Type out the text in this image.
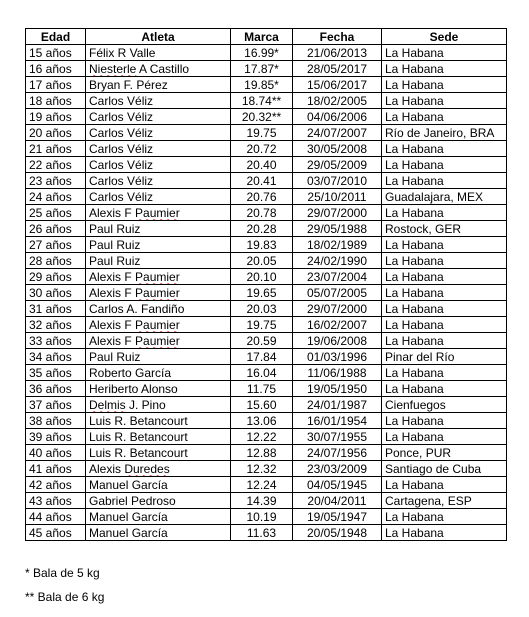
Edad	Atleta	Marca	Fecha	Sede
15 años	Félix R Valle	16.99*	21/06/2013	La Habana
16 años	Niesterle A Castillo	17.87*	28/05/2017	La Habana
17 años	Bryan F. Pérez	19.85*	15/06/2017	La Habana
18 años	Carlos Véliz	18.74**	18/02/2005	La Habana
19 años	Carlos Véliz	20.32**	04/06/2006	La Habana
20 años	Carlos Véliz	19.75	24/07/2007	Río de Janeiro, BRA
21 años	Carlos Véliz	20.72	30/05/2008	La Habana
22 años	Carlos Véliz	20.40	29/05/2009	La Habana
23 años	Carlos Véliz	20.41	03/07/2010	La Habana
24 años	Carlos Véliz	20.76	25/10/2011	Guadalajara, MEX
25 años	Alexis F Paumier	20.78	29/07/2000	La Habana
26 años	Paul Ruiz	20.28	29/05/1988	Rostock, GER
27 años	Paul Ruiz	19.83	18/02/1989	La Habana
28 años	Paul Ruiz	20.05	24/02/1990	La Habana
29 años	Alexis F Paumier	20.10	23/07/2004	La Habana
30 años	Alexis F Paumier	19.65	05/07/2005	La Habana
31 años	Carlos A. Fandiño	20.03	29/07/2000	La Habana
32 años	Alexis F Paumier	19.75	16/02/2007	La Habana
33 años	Alexis F Paumier	20.59	19/06/2008	La Habana
34 años	Paul Ruiz	17.84	01/03/1996	Pinar del Río
35 años	Roberto García	16.04	11/06/1988	La Habana
36 años	Heriberto Alonso	11.75	19/05/1950	La Habana
37 años	Delmis J. Pino	15.60	24/01/1987	Cienfuegos
38 años	Luis R. Betancourt	13.06	16/01/1954	La Habana
39 años	Luis R. Betancourt	12.22	30/07/1955	La Habana
40 años	Luis R. Betancourt	12.88	24/07/1956	Ponce, PUR
41 años	Alexis Duredes	12.32	23/03/2009	Santiago de Cuba
42 años	Manuel García	12.24	04/05/1945	La Habana
43 años	Gabriel Pedroso	14.39	20/04/2011	Cartagena, ESP
44 años	Manuel García	10.19	19/05/1947	La Habana
45 años	Manuel García	11.63	20/05/1948	La Habana

* Bala de 5 kg

** Bala de 6 kg
